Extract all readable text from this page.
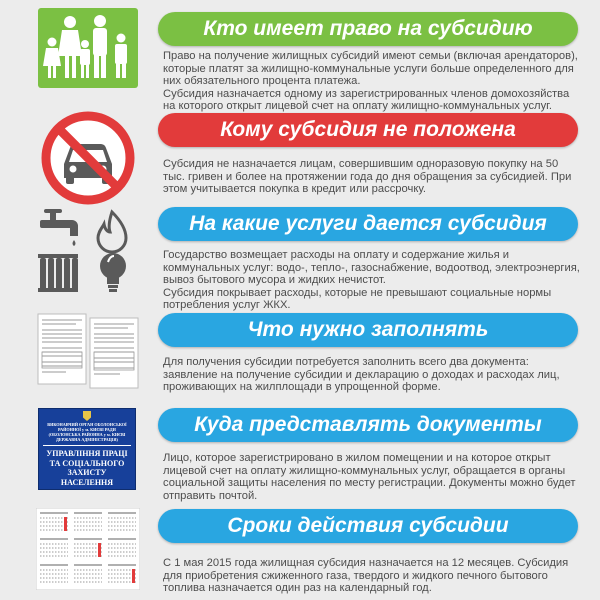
Кто имеет право на субсидию

Право на получение жилищных субсидий имеют семьи (включая арендаторов), которые платят за жилищно-коммунальные услуги больше определенного для них обязательного процента платежа.

Субсидия назначается одному из зарегистрированных членов домохозяйства на которого открыт лицевой счет на оплату жилищно-коммунальных услуг.

Кому субсидия не положена

Субсидия не назначается лицам, совершившим одноразовую покупку на 50 тыс. гривен и более на протяжении года до дня обращения за субсидией. При этом учитывается покупка в кредит или рассрочку.

На какие услуги дается субсидия

Государство возмещает расходы на оплату и содержание жилья и коммунальных услуг: водо-, тепло-, газоснабжение, водоотвод, электроэнергия, вывоз бытового мусора и жидких нечистот.

Субсидия покрывает расходы, которые не превышают социальные нормы потребления услуг ЖКХ.

Что нужно заполнять

Для получения субсидии потребуется заполнить всего два документа: заявление на получение субсидии и декларацию о доходах и расходах лиц, проживающих на жилплощади в упрощенной форме.

ВИКОНАВЧИЙ ОРГАН ОБОЛОНСЬКОЇ РАЙОННОЇ у м. КИЄВІ РАДИ (ОБОЛОНСЬКА РАЙОННА у м. КИЄВІ ДЕРЖАВНА АДМІНІСТРАЦІЯ)
УПРАВЛІННЯ ПРАЦІ ТА СОЦІАЛЬНОГО ЗАХИСТУ НАСЕЛЕННЯ
Куда представлять документы

Лицо, которое зарегистрировано в жилом помещении и на которое открыт лицевой счет на оплату жилищно-коммунальных услуг, обращается в органы социальной защиты населения по месту регистрации. Документы можно будет отправить почтой.

Сроки действия субсидии

С 1 мая 2015 года жилищная субсидия назначается на 12 месяцев. Субсидия для приобретения сжиженного газа, твердого и жидкого печного бытового топлива назначается один раз на календарный год.
